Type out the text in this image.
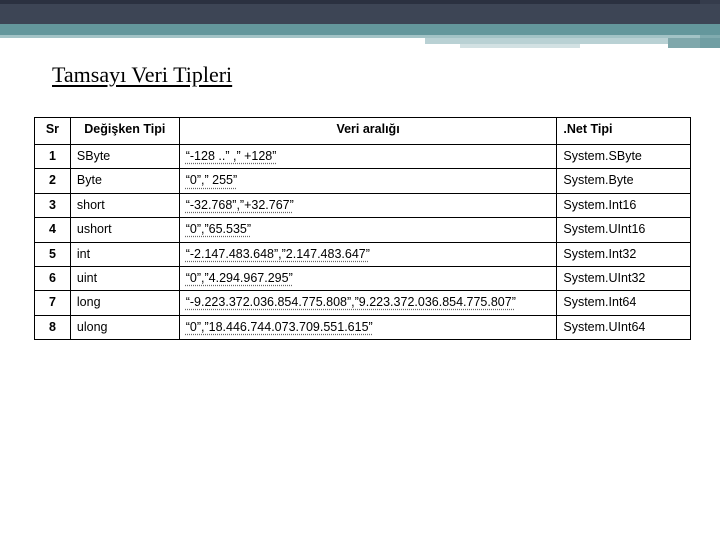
Tamsayı Veri Tipleri
Sr	Değişken Tipi	Veri aralığı	.Net Tipi
1	SByte	“-128 ..” ,” +128”	System.SByte
2	Byte	“0”,” 255”	System.Byte
3	short	“-32.768”,”+32.767”	System.Int16
4	ushort	“0”,”65.535”	System.UInt16
5	int	“-2.147.483.648”,”2.147.483.647”	System.Int32
6	uint	“0”,”4.294.967.295”	System.UInt32
7	long	“-9.223.372.036.854.775.808”,”9.223.372.036.854.775.807”	System.Int64
8	ulong	“0”,”18.446.744.073.709.551.615”	System.UInt64
